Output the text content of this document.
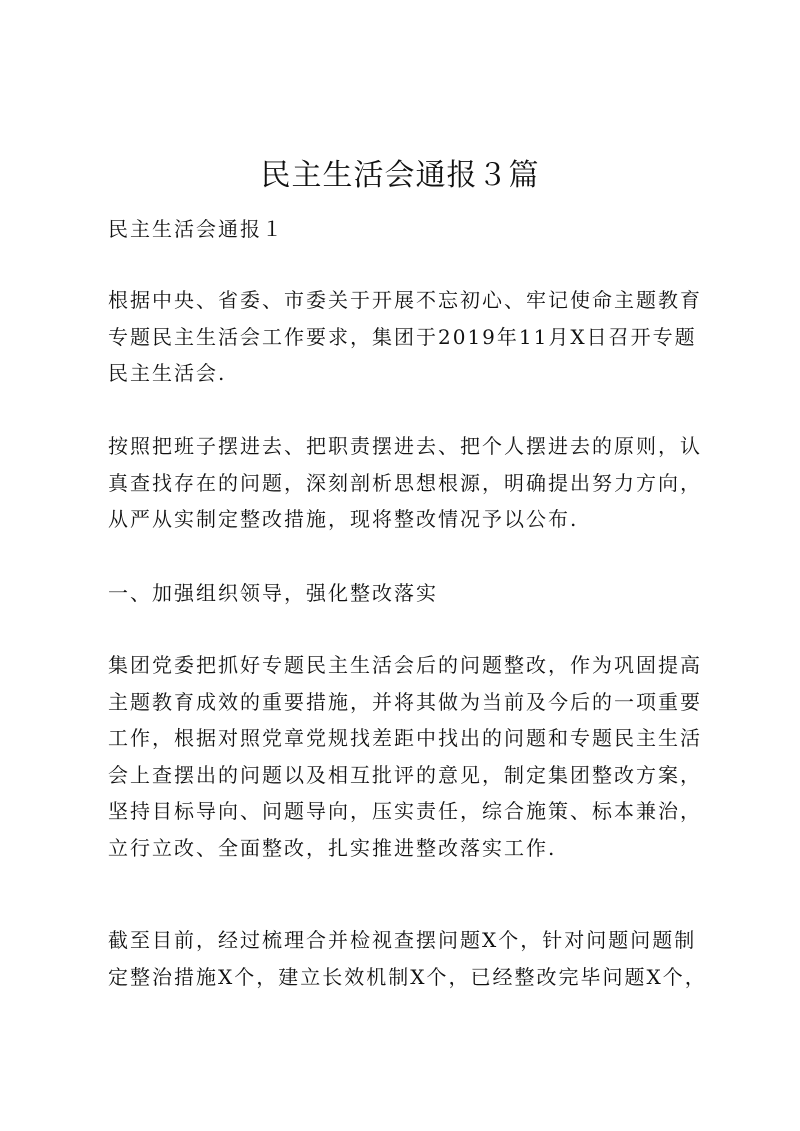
民主生活会通报３篇

民主生活会通报１

根据中央、省委、市委关于开展不忘初心、牢记使命主题教育
专题民主生活会工作要求，集团于2019年11月X日召开专题
民主生活会.

按照把班子摆进去、把职责摆进去、把个人摆进去的原则，认
真查找存在的问题，深刻剖析思想根源，明确提出努力方向，
从严从实制定整改措施，现将整改情况予以公布.

一、加强组织领导，强化整改落实

集团党委把抓好专题民主生活会后的问题整改，作为巩固提高
主题教育成效的重要措施，并将其做为当前及今后的一项重要
工作，根据对照党章党规找差距中找出的问题和专题民主生活
会上查摆出的问题以及相互批评的意见，制定集团整改方案，
坚持目标导向、问题导向，压实责任，综合施策、标本兼治，
立行立改、全面整改，扎实推进整改落实工作.

截至目前，经过梳理合并检视查摆问题X个，针对问题问题制
定整治措施X个，建立长效机制X个，已经整改完毕问题X个，
